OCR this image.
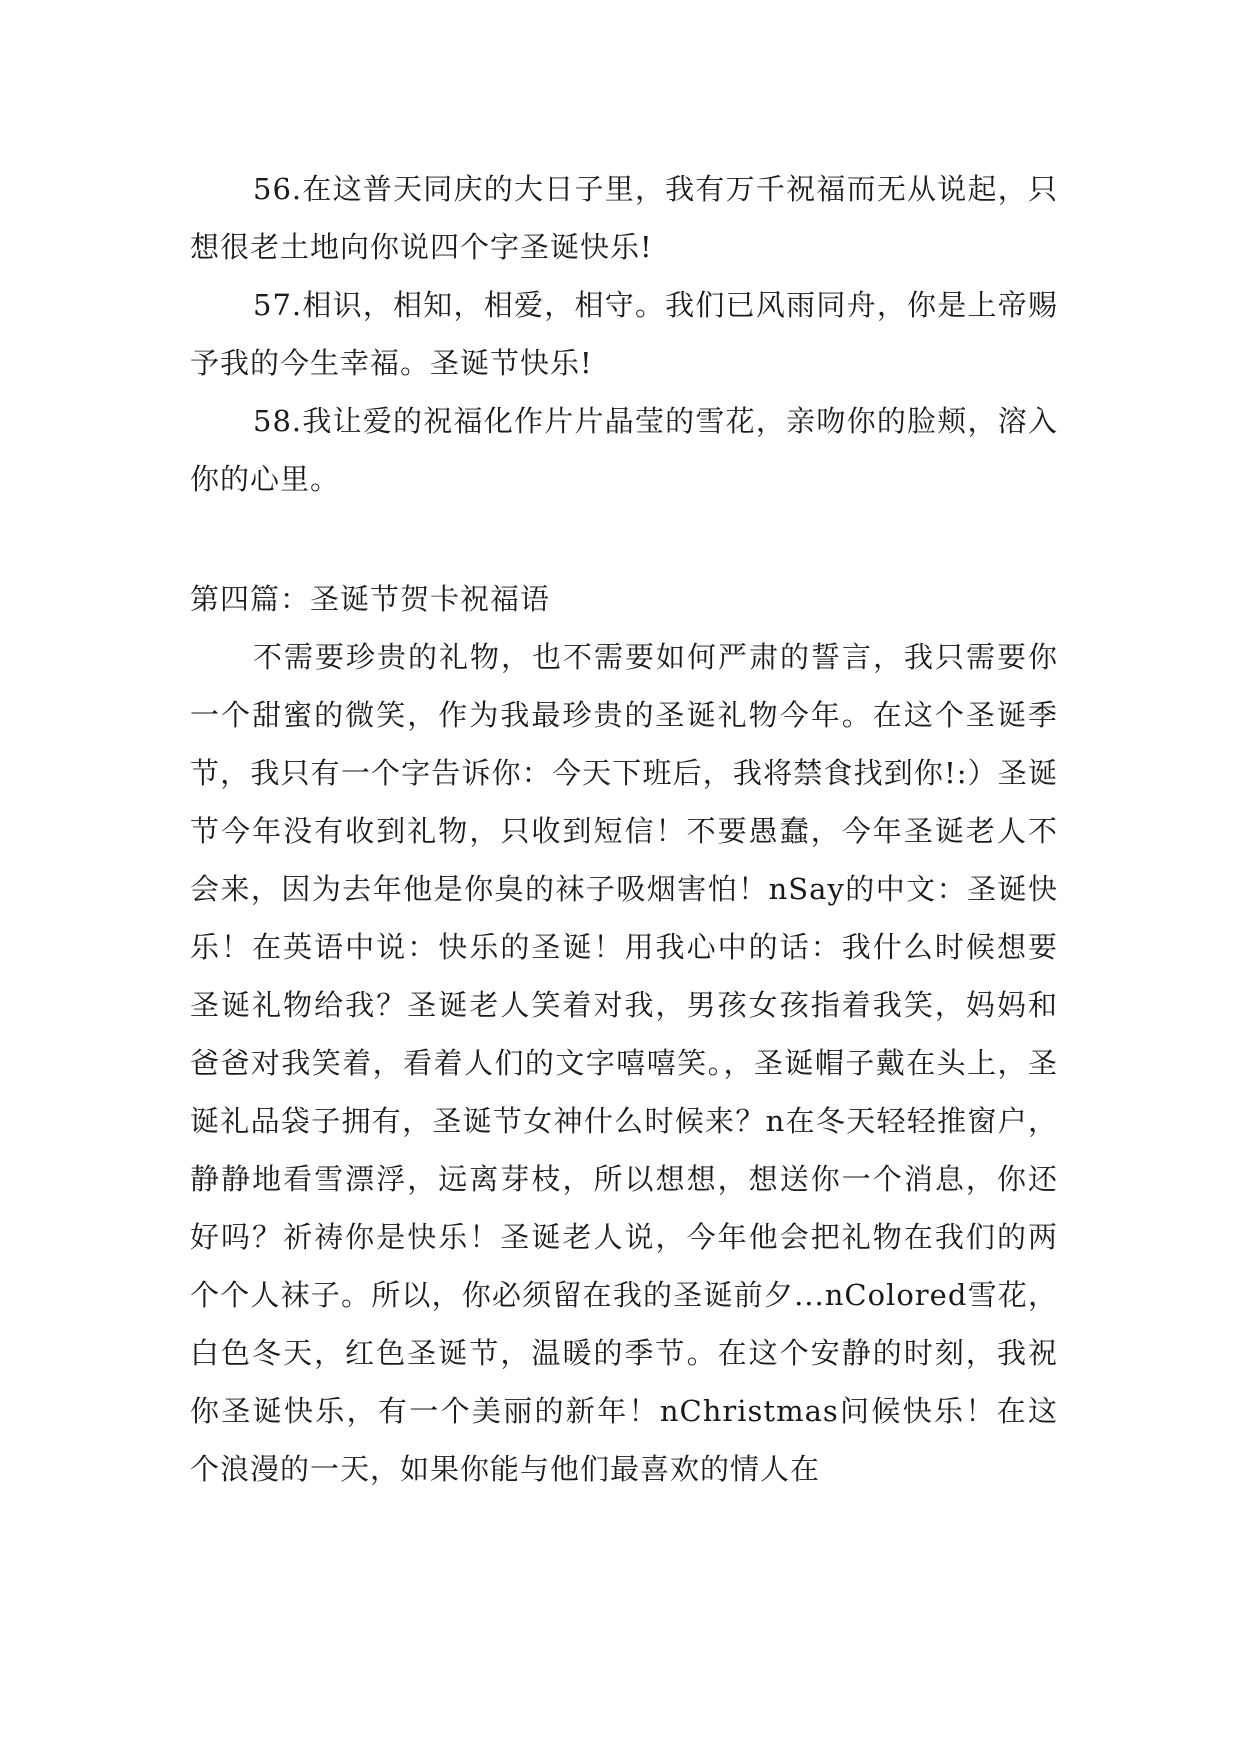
56.在这普天同庆的大日子里，我有万千祝福而无从说起，只想很老土地向你说四个字圣诞快乐!

57.相识，相知，相爱，相守。我们已风雨同舟，你是上帝赐予我的今生幸福。圣诞节快乐!

58.我让爱的祝福化作片片晶莹的雪花，亲吻你的脸颊，溶入你的心里。

第四篇：圣诞节贺卡祝福语

不需要珍贵的礼物，也不需要如何严肃的誓言，我只需要你一个甜蜜的微笑，作为我最珍贵的圣诞礼物今年。在这个圣诞季节，我只有一个字告诉你：今天下班后，我将禁食找到你!:）圣诞节今年没有收到礼物，只收到短信！不要愚蠢，今年圣诞老人不会来，因为去年他是你臭的袜子吸烟害怕！nSay的中文：圣诞快乐！在英语中说：快乐的圣诞！用我心中的话：我什么时候想要圣诞礼物给我？圣诞老人笑着对我，男孩女孩指着我笑，妈妈和爸爸对我笑着，看着人们的文字嘻嘻笑。，圣诞帽子戴在头上，圣诞礼品袋子拥有，圣诞节女神什么时候来？n在冬天轻轻推窗户，静静地看雪漂浮，远离芽枝，所以想想，想送你一个消息，你还好吗？祈祷你是快乐！圣诞老人说，今年他会把礼物在我们的两个个人袜子。所以，你必须留在我的圣诞前夕...nColored雪花，白色冬天，红色圣诞节，温暖的季节。在这个安静的时刻，我祝你圣诞快乐，有一个美丽的新年！nChristmas问候快乐！在这个浪漫的一天，如果你能与他们最喜欢的情人在
